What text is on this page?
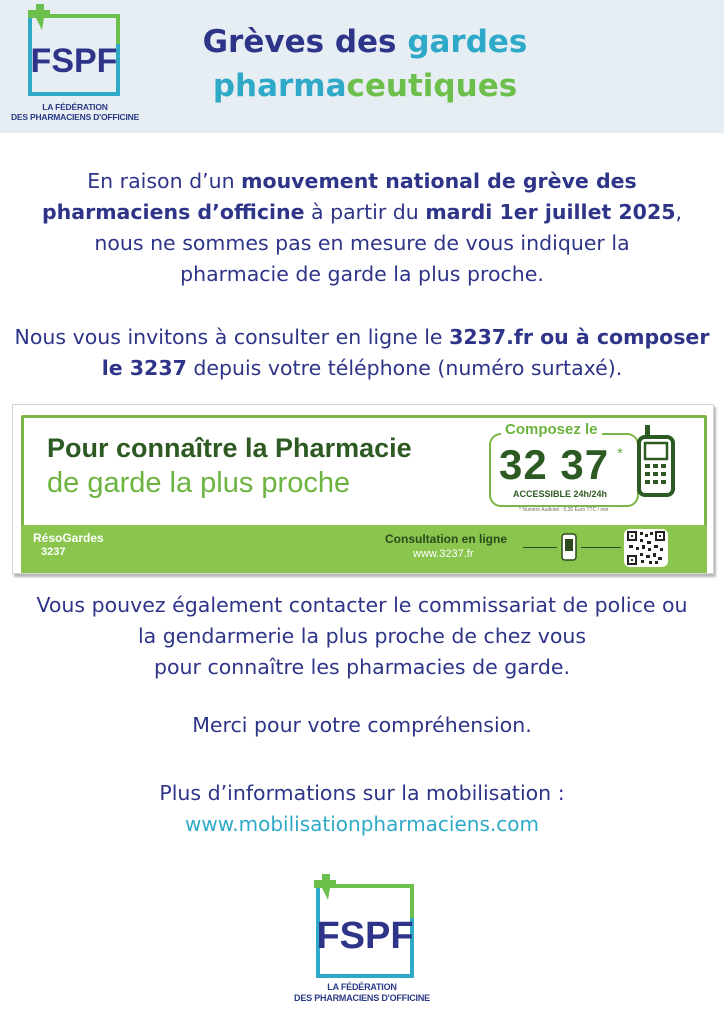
FSPF
LA FÉDÉRATION
DES PHARMACIENS D'OFFICINE
Grèves des gardes
pharmaceutiques
En raison d’un mouvement national de grève des pharmaciens d’officine à partir du mardi 1er juillet 2025,
nous ne sommes pas en mesure de vous indiquer la
pharmacie de garde la plus proche.
Nous vous invitons à consulter en ligne le 3237.fr ou à composer le 3237 depuis votre téléphone (numéro surtaxé).
Pour connaître la Pharmacie
de garde la plus proche
Composez le
32 37 *
ACCESSIBLE 24h/24h
* Numéro Audiotel : 0,35 Euro TTC / min
RésoGardes
3237
Consultation en ligne
www.3237.fr
Vous pouvez également contacter le commissariat de police ou
la gendarmerie la plus proche de chez vous
pour connaître les pharmacies de garde.
Merci pour votre compréhension.
Plus d’informations sur la mobilisation :
www.mobilisationpharmaciens.com
FSPF
LA FÉDÉRATION
DES PHARMACIENS D'OFFICINE
